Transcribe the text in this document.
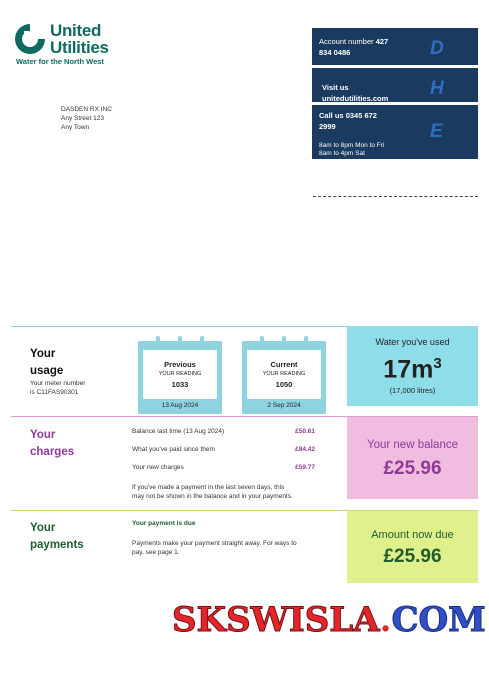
United
Utilities
Water for the North West
DASDEN RX INC
Any Street 123
Any Town
Account number 427
834 0486	D
Visit us
unitedutilities.com H
Call us 0345 672
2999
8am to 8pm Mon to Fri
8am to 4pm Sat
E
Your
usage
Your meter number
is C11FAS90301
Previous
YOUR READING
1033
13 Aug 2024
Current
YOUR READING
1050
2 Sep 2024
Water you've used
$17m^3$
(17,000 litres)
Your
charges
Balance last time (13 Aug 2024)	£50.61
What you've paid since them	£84.42
Your new charges	£59.77
If you've made a payment in the last seven days, this
may not be shown in the balance and in your payments.
Your new balance
£25.96
Your
payments
Your payment is due
Payments make your payment straight away. For ways to
pay, see page 1.
Amount now due
£25.96
SKSWISLA.COM
